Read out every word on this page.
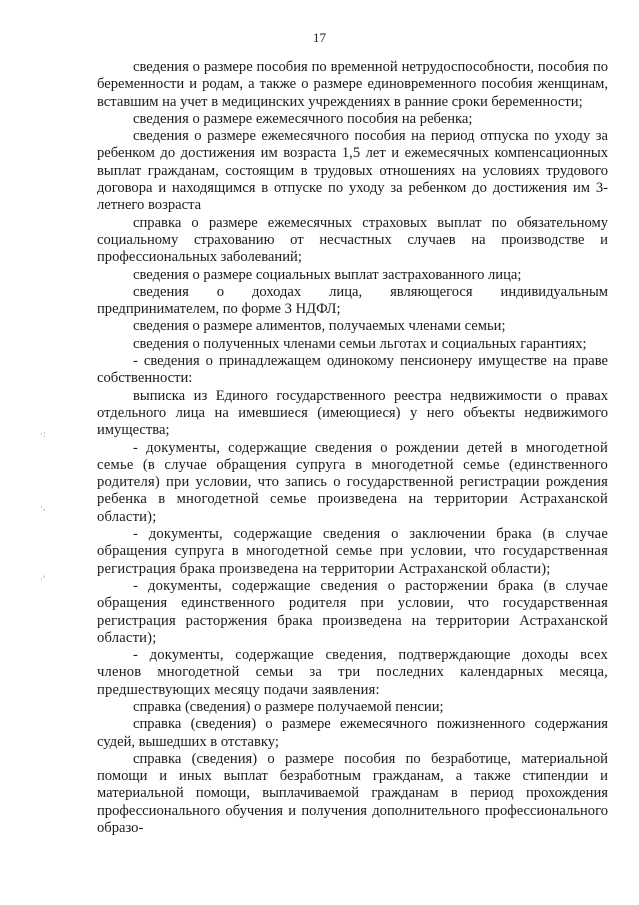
17
·:
·,
·'

сведения о размере пособия по временной нетрудоспособности, пособия по беременности и родам, а также о размере единовременного пособия женщинам, вставшим на учет в медицинских учреждениях в ранние сроки беременности;

сведения о размере ежемесячного пособия на ребенка;

сведения о размере ежемесячного пособия на период отпуска по уходу за ребенком до достижения им возраста 1,5 лет и ежемесячных компенсационных выплат гражданам, состоящим в трудовых отношениях на условиях трудового договора и находящимся в отпуске по уходу за ребенком до достижения им 3-летнего возраста

справка о размере ежемесячных страховых выплат по обязательному социальному страхованию от несчастных случаев на производстве и профессиональных заболеваний;

сведения о размере социальных выплат застрахованного лица;

сведения о доходах лица, являющегося индивидуальным предпринимателем, по форме 3 НДФЛ;

сведения о размере алиментов, получаемых членами семьи;

сведения о полученных членами семьи льготах и социальных гарантиях;

- сведения о принадлежащем одинокому пенсионеру имуществе на праве собственности:

выписка из Единого государственного реестра недвижимости о правах отдельного лица на имевшиеся (имеющиеся) у него объекты недвижимого имущества;

- документы, содержащие сведения о рождении детей в многодетной семье (в случае обращения супруга в многодетной семье (единственного родителя) при условии, что запись о государственной регистрации рождения ребенка в многодетной семье произведена на территории Астраханской области);

- документы, содержащие сведения о заключении брака (в случае обращения супруга в многодетной семье при условии, что государственная регистрация брака произведена на территории Астраханской области);

- документы, содержащие сведения о расторжении брака (в случае обращения единственного родителя при условии, что государственная регистрация расторжения брака произведена на территории Астраханской области);

- документы, содержащие сведения, подтверждающие доходы всех членов многодетной семьи за три последних календарных месяца, предшествующих месяцу подачи заявления:

справка (сведения) о размере получаемой пенсии;

справка (сведения) о размере ежемесячного пожизненного содержания судей, вышедших в отставку;

справка (сведения) о размере пособия по безработице, материальной помощи и иных выплат безработным гражданам, а также стипендии и материальной помощи, выплачиваемой гражданам в период прохождения профессионального обучения и получения дополнительного профессионального образо-
